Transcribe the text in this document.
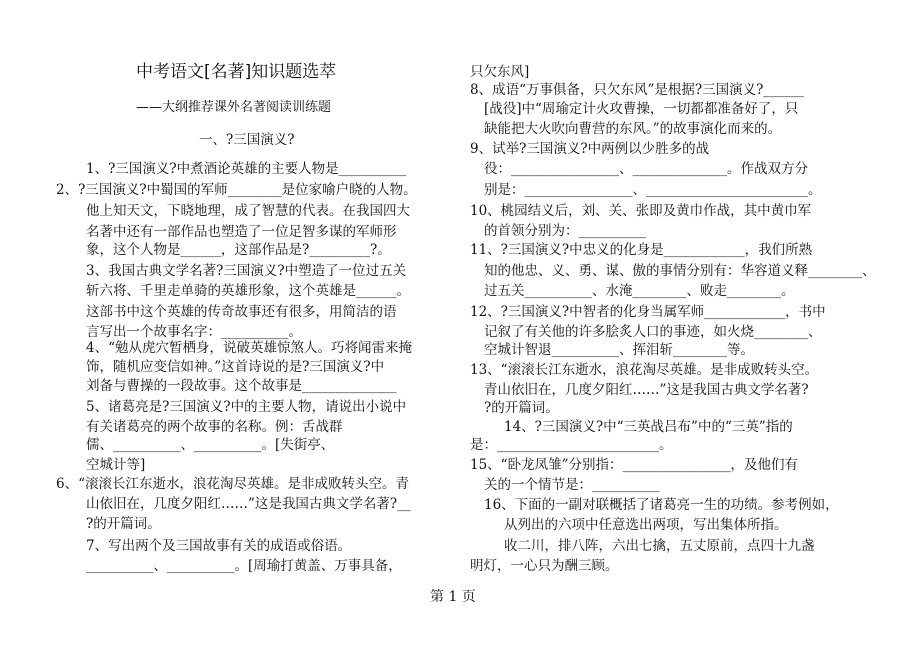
中考语文[名著]知识题选萃
——大纲推荐课外名著阅读训练题
一、?三国演义?
1、?三国演义?中煮酒论英雄的主要人物是__________
2、?三国演义?中蜀国的军师________是位家喻户晓的人物。
他上知天文，下晓地理，成了智慧的代表。在我国四大
名著中还有一部作品也塑造了一位足智多谋的军师形
象，这个人物是______，这部作品是?_________?。
3、我国古典文学名著?三国演义?中塑造了一位过五关
斩六将、千里走单骑的英雄形象，这个英雄是______。
这部书中这个英雄的传奇故事还有很多，用简洁的语
言写出一个故事名字：__________。
4、“勉从虎穴暂栖身，说破英雄惊煞人。巧将闻雷来掩
饰，随机应变信如神。”这首诗说的是?三国演义?中
刘备与曹操的一段故事。这个故事是______________
5、诸葛亮是?三国演义?中的主要人物，请说出小说中
有关诸葛亮的两个故事的名称。例：舌战群
儒、__________、__________。[失街亭、
空城计等]
6、“滚滚长江东逝水，浪花淘尽英雄。是非成败转头空。青
山依旧在，几度夕阳红……”这是我国古典文学名著?__
?的开篇词。
7、写出两个及三国故事有关的成语或俗语。
__________、__________。[周瑜打黄盖、万事具备，
只欠东风]
8、成语“万事俱备，只欠东风”是根据?三国演义?______
[战役]中“周瑜定计火攻曹操，一切都都准备好了，只
缺能把大火吹向曹营的东风。”的故事演化而来的。
9、试举?三国演义?中两例以少胜多的战
役：________________、______________。作战双方分
别是：________________、________________________。
10、桃园结义后，刘、关、张即及黄巾作战，其中黄巾军
的首领分别为：__________
11、?三国演义?中忠义的化身是____________，我们所熟
知的他忠、义、勇、谋、傲的事情分别有：华容道义释________、
过五关__________、水淹________、败走________。
12、?三国演义?中智者的化身当属军师____________，书中
记叙了有关他的许多脍炙人口的事迹，如火烧________、
空城计智退__________、挥泪斩________等。
13、“滚滚长江东逝水，浪花淘尽英雄。是非成败转头空。
青山依旧在，几度夕阳红……”这是我国古典文学名著?
?的开篇词。
14、?三国演义?中“三英战吕布”中的“三英”指的
是：________________________。
15、“卧龙凤雏”分别指：________________，及他们有
关的一个情节是：__________
16、下面的一副对联概括了诸葛亮一生的功绩。参考例如，
从列出的六项中任意选出两项，写出集体所指。
收二川，排八阵，六出七擒，五丈原前，点四十九盏
明灯，一心只为酬三顾。
第 1 页
